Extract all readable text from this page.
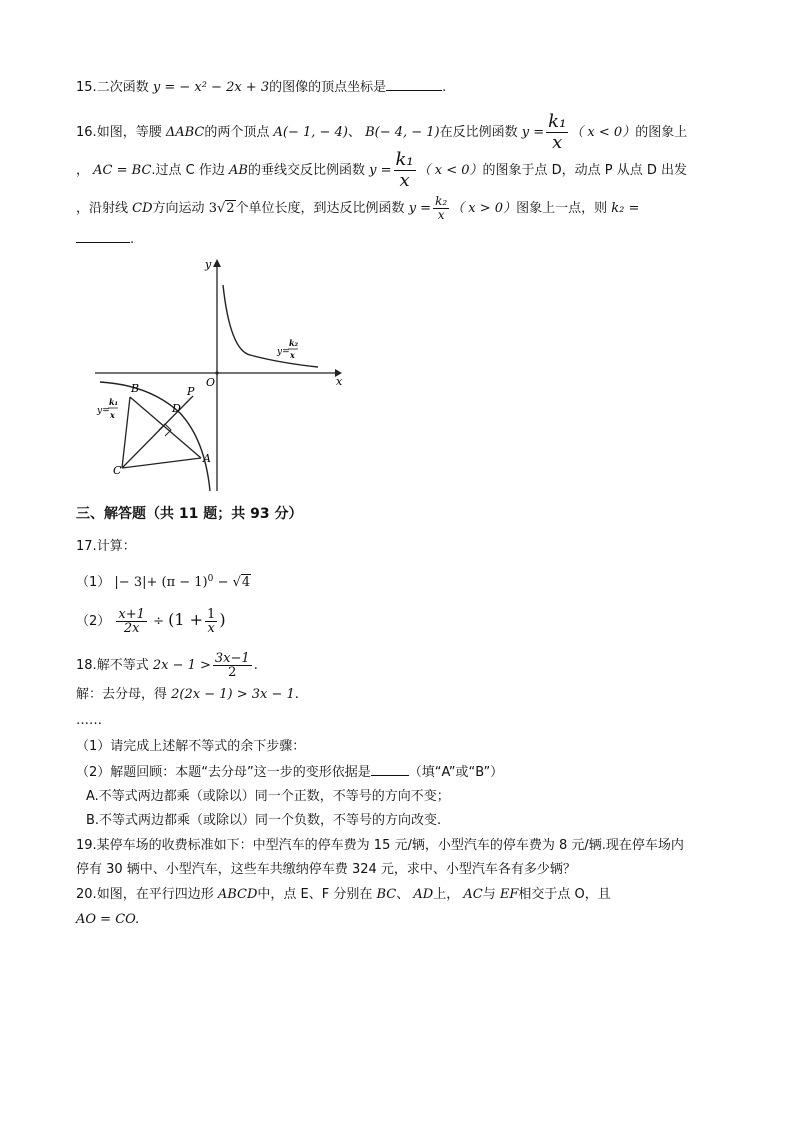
15.二次函数 y = − x² − 2x + 3的图像的顶点坐标是	.
16.如图，等腰 ΔABC的两个顶点 A(− 1, − 4)、 B(− 4, − 1)在反比例函数 $y = \frac{\text{k₁}}{x}$ （ x < 0）的图象上
， AC = BC.过点 C 作边 AB的垂线交反比例函数 $y = \frac{\text{k₁}}{x}$ （ x < 0）的图象于点 D，动点 P 从点 D 出发
，沿射线 CD方向运动 3√2个单位长度，到达反比例函数 $y = \frac{\text{k₂}}{x}$ （ x > 0）图象上一点，则 k₂ =
.
x
y
O
y=
k₂
x
y=
k₁
x
B
C
A
D
P
三、解答题（共 11 题；共 93 分）
17.计算：
（1） |− $3|+ (\pi - 1)^0 - √4$
$(2) \frac{x+1}{2x} \div (1 + \frac{1}{x}$ )
18.解不等式 $2x - 1 > \frac{3x-1}{2}$ .
解：去分母，得 2(2x − 1) > 3x − 1.
……
（1）请完成上述解不等式的余下步骤：
（2）解题回顾：本题“去分母”这一步的变形依据是	（填“A”或“B”）
A.不等式两边都乘（或除以）同一个正数，不等号的方向不变；
B.不等式两边都乘（或除以）同一个负数，不等号的方向改变.
19.某停车场的收费标准如下：中型汽车的停车费为 15 元/辆，小型汽车的停车费为 8 元/辆.现在停车场内
停有 30 辆中、小型汽车，这些车共缴纳停车费 324 元，求中、小型汽车各有多少辆？
20.如图，在平行四边形 ABCD中，点 E、F 分别在 BC、 AD上， AC与 EF相交于点 O，且
AO = CO.
